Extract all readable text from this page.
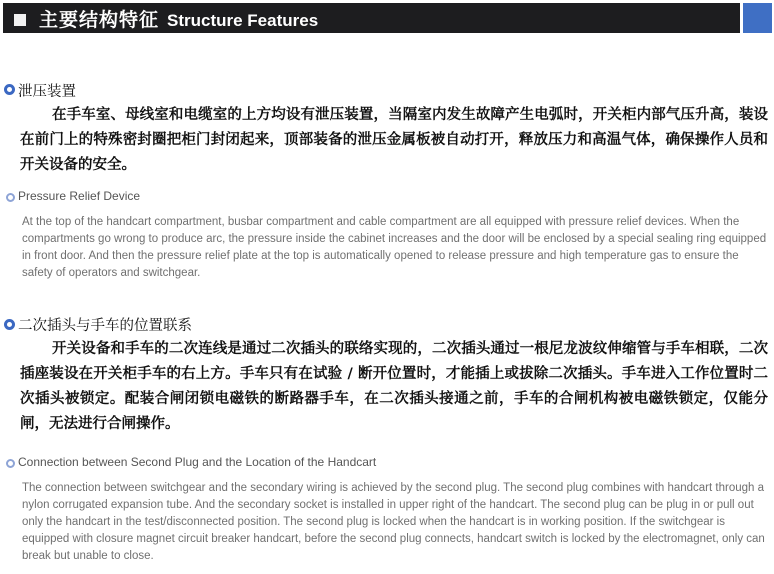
主要结构特征 Structure Features
泄压装置
在手车室、母线室和电缆室的上方均设有泄压装置，当隔室内发生故障产生电弧时，开关柜内部气压升高，装设在前门上的特殊密封圈把柜门封闭起来，顶部装备的泄压金属板被自动打开，释放压力和高温气体，确保操作人员和开关设备的安全。
Pressure Relief Device
At the top of the handcart compartment, busbar compartment and cable compartment are all equipped with pressure relief devices. When the compartments go wrong to produce arc, the pressure inside the cabinet increases and the door will be enclosed by a special sealing ring equipped in front door. And then the pressure relief plate at the top is automatically opened to release pressure and high temperature gas to ensure the safety of operators and switchgear.
二次插头与手车的位置联系
开关设备和手车的二次连线是通过二次插头的联络实现的，二次插头通过一根尼龙波纹伸缩管与手车相联，二次插座装设在开关柜手车的右上方。手车只有在试验 / 断开位置时，才能插上或拔除二次插头。手车进入工作位置时二次插头被锁定。配装合闸闭锁电磁铁的断路器手车，在二次插头接通之前，手车的合闸机构被电磁铁锁定，仅能分闸，无法进行合闸操作。
Connection between Second Plug and the Location of the Handcart
The connection between switchgear and the secondary wiring is achieved by the second plug. The second plug combines with handcart through a nylon corrugated expansion tube. And the secondary socket is installed in upper right of the handcart. The second plug can be plug in or pull out only the handcart in the test/disconnected position. The second plug is locked when the handcart is in working position. If the switchgear is equipped with closure magnet circuit breaker handcart, before the second plug connects, handcart switch is locked by the electromagnet, only can break but unable to close.
